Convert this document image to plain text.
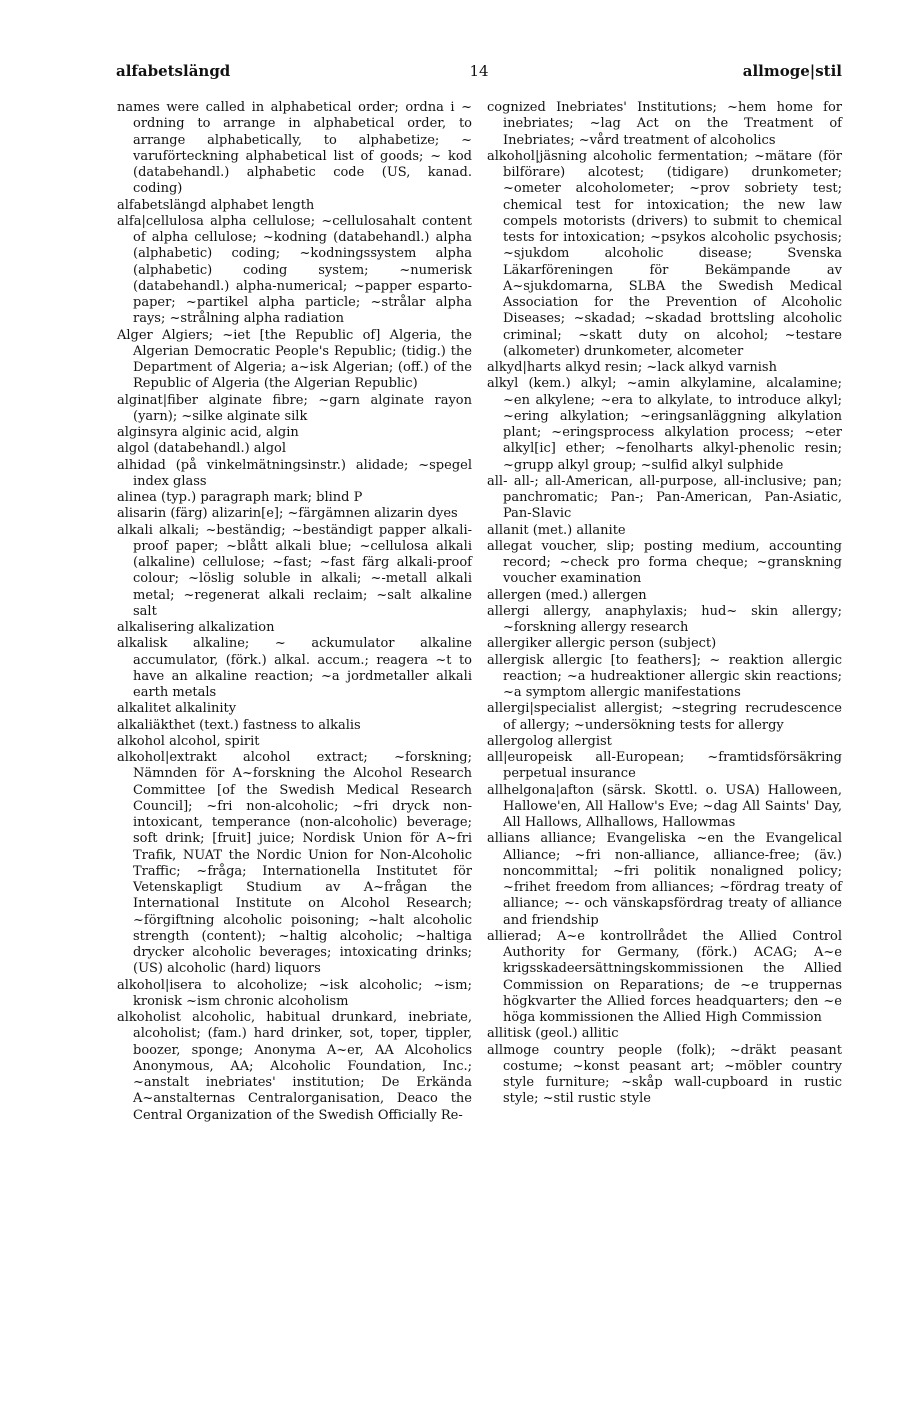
alfabetslängd	14	allmoge|stil

names were called in alphabetical order; ordna i ~ ordning to arrange in alphabetical order, to arrange alphabetically, to alphabetize; ~ varuförteckning alphabetical list of goods; ~ kod (databehandl.) alphabetic code (US, kanad. coding)

alfabetslängd alphabet length

alfa|cellulosa alpha cellulose; ~cellulosahalt content of alpha cellulose; ~kodning (databehandl.) alpha (alphabetic) coding; ~kodningssystem alpha (alphabetic) coding system; ~numerisk (databehandl.) alpha-numerical; ~papper esparto-paper; ~partikel alpha particle; ~strålar alpha rays; ~strålning alpha radiation

Alger Algiers; ~iet [the Republic of] Algeria, the Algerian Democratic People's Republic; (tidig.) the Department of Algeria; a~isk Algerian; (off.) of the Republic of Algeria (the Algerian Republic)

alginat|fiber alginate fibre; ~garn alginate rayon (yarn); ~silke alginate silk

alginsyra alginic acid, algin

algol (databehandl.) algol

alhidad (på vinkelmätningsinstr.) alidade; ~spegel index glass

alinea (typ.) paragraph mark; blind P

alisarin (färg) alizarin[e]; ~färgämnen alizarin dyes

alkali alkali; ~beständig; ~beständigt papper alkali-proof paper; ~blått alkali blue; ~cellulosa alkali (alkaline) cellulose; ~fast; ~fast färg alkali-proof colour; ~löslig soluble in alkali; ~-metall alkali metal; ~regenerat alkali reclaim; ~salt alkaline salt

alkalisering alkalization

alkalisk alkaline; ~ ackumulator alkaline accumulator, (förk.) alkal. accum.; reagera ~t to have an alkaline reaction; ~a jordmetaller alkali earth metals

alkalitet alkalinity

alkaliäkthet (text.) fastness to alkalis

alkohol alcohol, spirit

alkohol|extrakt alcohol extract; ~forskning; Nämnden för A~forskning the Alcohol Research Committee [of the Swedish Medical Research Council]; ~fri non-alcoholic; ~fri dryck non-intoxicant, temperance (non-alcoholic) beverage; soft drink; [fruit] juice; Nordisk Union för A~fri Trafik, NUAT the Nordic Union for Non-Alcoholic Traffic; ~fråga; Internationella Institutet för Vetenskapligt Studium av A~frågan the International Institute on Alcohol Research; ~förgiftning alcoholic poisoning; ~halt alcoholic strength (content); ~haltig alcoholic; ~haltiga drycker alcoholic beverages; intoxicating drinks; (US) alcoholic (hard) liquors

alkohol|isera to alcoholize; ~isk alcoholic; ~ism; kronisk ~ism chronic alcoholism

alkoholist alcoholic, habitual drunkard, inebriate, alcoholist; (fam.) hard drinker, sot, toper, tippler, boozer, sponge; Anonyma A~er, AA Alcoholics Anonymous, AA; Alcoholic Foundation, Inc.; ~anstalt inebriates' institution; De Erkända A~anstalternas Centralorganisation, Deaco the Central Organization of the Swedish Officially Re-

cognized Inebriates' Institutions; ~hem home for inebriates; ~lag Act on the Treatment of Inebriates; ~vård treatment of alcoholics

alkohol|jäsning alcoholic fermentation; ~mätare (för bilförare) alcotest; (tidigare) drunkometer; ~ometer alcoholometer; ~prov sobriety test; chemical test for intoxication; the new law compels motorists (drivers) to submit to chemical tests for intoxication; ~psykos alcoholic psychosis; ~sjukdom alcoholic disease; Svenska Läkarföreningen för Bekämpande av A~sjukdomarna, SLBA the Swedish Medical Association for the Prevention of Alcoholic Diseases; ~skadad; ~skadad brottsling alcoholic criminal; ~skatt duty on alcohol; ~testare (alkometer) drunkometer, alcometer

alkyd|harts alkyd resin; ~lack alkyd varnish

alkyl (kem.) alkyl; ~amin alkylamine, alcalamine; ~en alkylene; ~era to alkylate, to introduce alkyl; ~ering alkylation; ~eringsanläggning alkylation plant; ~eringsprocess alkylation process; ~eter alkyl[ic] ether; ~fenolharts alkyl-phenolic resin; ~grupp alkyl group; ~sulfid alkyl sulphide

all- all-; all-American, all-purpose, all-inclusive; pan; panchromatic; Pan-; Pan-American, Pan-Asiatic, Pan-Slavic

allanit (met.) allanite

allegat voucher, slip; posting medium, accounting record; ~check pro forma cheque; ~granskning voucher examination

allergen (med.) allergen

allergi allergy, anaphylaxis; hud~ skin allergy; ~forskning allergy research

allergiker allergic person (subject)

allergisk allergic [to feathers]; ~ reaktion allergic reaction; ~a hudreaktioner allergic skin reactions; ~a symptom allergic manifestations

allergi|specialist allergist; ~stegring recrudescence of allergy; ~undersökning tests for allergy

allergolog allergist

all|europeisk all-European; ~framtidsförsäkring perpetual insurance

allhelgona|afton (särsk. Skottl. o. USA) Halloween, Hallowe'en, All Hallow's Eve; ~dag All Saints' Day, All Hallows, Allhallows, Hallowmas

allians alliance; Evangeliska ~en the Evangelical Alliance; ~fri non-alliance, alliance-free; (äv.) noncommittal; ~fri politik nonaligned policy; ~frihet freedom from alliances; ~fördrag treaty of alliance; ~- och vänskapsfördrag treaty of alliance and friendship

allierad; A~e kontrollrådet the Allied Control Authority for Germany, (förk.) ACAG; A~e krigsskadeersättningskommissionen the Allied Commission on Reparations; de ~e truppernas högkvarter the Allied forces headquarters; den ~e höga kommissionen the Allied High Commission

allitisk (geol.) allitic

allmoge country people (folk); ~dräkt peasant costume; ~konst peasant art; ~möbler country style furniture; ~skåp wall-cupboard in rustic style; ~stil rustic style
